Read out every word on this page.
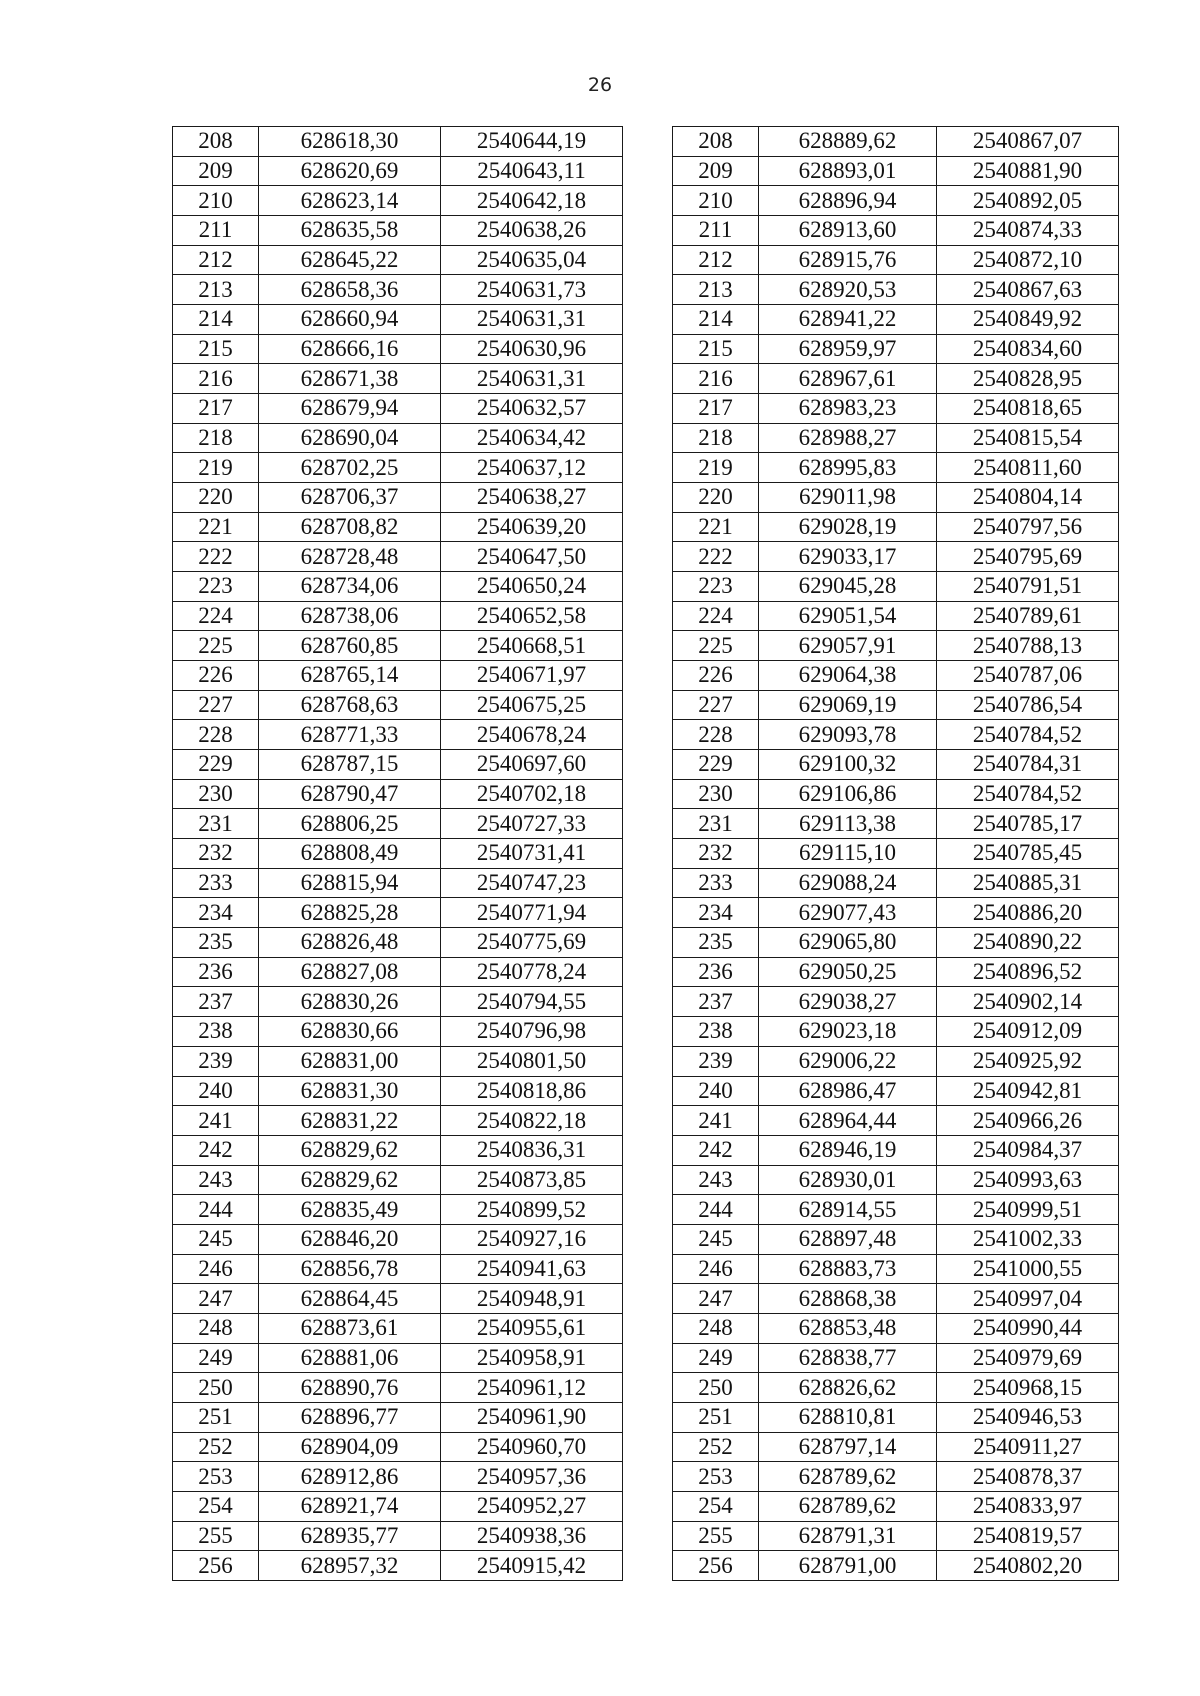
26
208	628618,30	2540644,19		208	628889,62	2540867,07
209	628620,69	2540643,11		209	628893,01	2540881,90
210	628623,14	2540642,18		210	628896,94	2540892,05
211	628635,58	2540638,26		211	628913,60	2540874,33
212	628645,22	2540635,04		212	628915,76	2540872,10
213	628658,36	2540631,73		213	628920,53	2540867,63
214	628660,94	2540631,31		214	628941,22	2540849,92
215	628666,16	2540630,96		215	628959,97	2540834,60
216	628671,38	2540631,31		216	628967,61	2540828,95
217	628679,94	2540632,57		217	628983,23	2540818,65
218	628690,04	2540634,42		218	628988,27	2540815,54
219	628702,25	2540637,12		219	628995,83	2540811,60
220	628706,37	2540638,27		220	629011,98	2540804,14
221	628708,82	2540639,20		221	629028,19	2540797,56
222	628728,48	2540647,50		222	629033,17	2540795,69
223	628734,06	2540650,24		223	629045,28	2540791,51
224	628738,06	2540652,58		224	629051,54	2540789,61
225	628760,85	2540668,51		225	629057,91	2540788,13
226	628765,14	2540671,97		226	629064,38	2540787,06
227	628768,63	2540675,25		227	629069,19	2540786,54
228	628771,33	2540678,24		228	629093,78	2540784,52
229	628787,15	2540697,60		229	629100,32	2540784,31
230	628790,47	2540702,18		230	629106,86	2540784,52
231	628806,25	2540727,33		231	629113,38	2540785,17
232	628808,49	2540731,41		232	629115,10	2540785,45
233	628815,94	2540747,23		233	629088,24	2540885,31
234	628825,28	2540771,94		234	629077,43	2540886,20
235	628826,48	2540775,69		235	629065,80	2540890,22
236	628827,08	2540778,24		236	629050,25	2540896,52
237	628830,26	2540794,55		237	629038,27	2540902,14
238	628830,66	2540796,98		238	629023,18	2540912,09
239	628831,00	2540801,50		239	629006,22	2540925,92
240	628831,30	2540818,86		240	628986,47	2540942,81
241	628831,22	2540822,18		241	628964,44	2540966,26
242	628829,62	2540836,31		242	628946,19	2540984,37
243	628829,62	2540873,85		243	628930,01	2540993,63
244	628835,49	2540899,52		244	628914,55	2540999,51
245	628846,20	2540927,16		245	628897,48	2541002,33
246	628856,78	2540941,63		246	628883,73	2541000,55
247	628864,45	2540948,91		247	628868,38	2540997,04
248	628873,61	2540955,61		248	628853,48	2540990,44
249	628881,06	2540958,91		249	628838,77	2540979,69
250	628890,76	2540961,12		250	628826,62	2540968,15
251	628896,77	2540961,90		251	628810,81	2540946,53
252	628904,09	2540960,70		252	628797,14	2540911,27
253	628912,86	2540957,36		253	628789,62	2540878,37
254	628921,74	2540952,27		254	628789,62	2540833,97
255	628935,77	2540938,36		255	628791,31	2540819,57
256	628957,32	2540915,42		256	628791,00	2540802,20
